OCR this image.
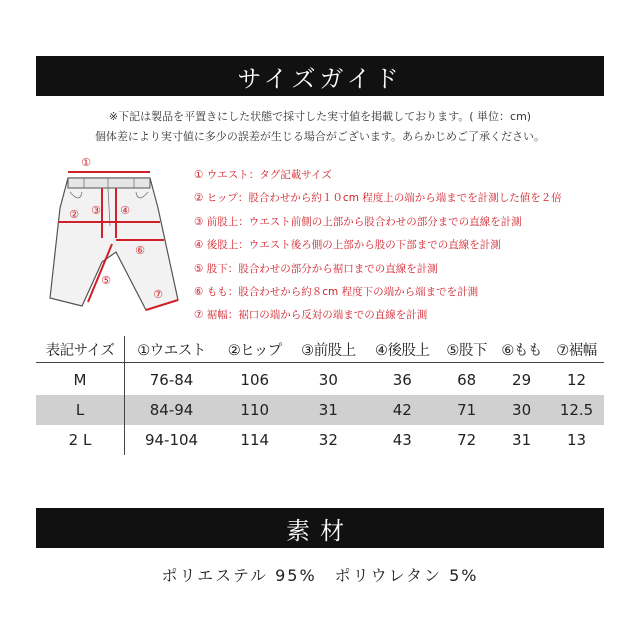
サイズガイド
※下記は製品を平置きにした状態で採寸した実寸値を掲載しております。( 単位：cm)
個体差により実寸値に多少の誤差が生じる場合がございます。あらかじめご了承ください。
①
② ③ ④
⑤
⑥
⑦
① ウエスト：タグ記載サイズ
② ヒップ：股合わせから約１０cm 程度上の端から端までを計測した値を２倍
③ 前股上：ウエスト前側の上部から股合わせの部分までの直線を計測
④ 後股上：ウエスト後ろ側の上部から股の下部までの直線を計測
⑤ 股下：股合わせの部分から裾口までの直線を計測
⑥ もも：股合わせから約８cm 程度下の端から端までを計測
⑦ 裾幅：裾口の端から反対の端までの直線を計測
表記サイズ	①ウエスト	②ヒップ	③前股上	④後股上	⑤股下	⑥もも	⑦裾幅
M	76-84	106	30	36	68	29	12
L	84-94	110	31	42	71	30	12.5
2 L	94-104	114	32	43	72	31	13
素材
ポリエステル 95%　ポリウレタン 5%
